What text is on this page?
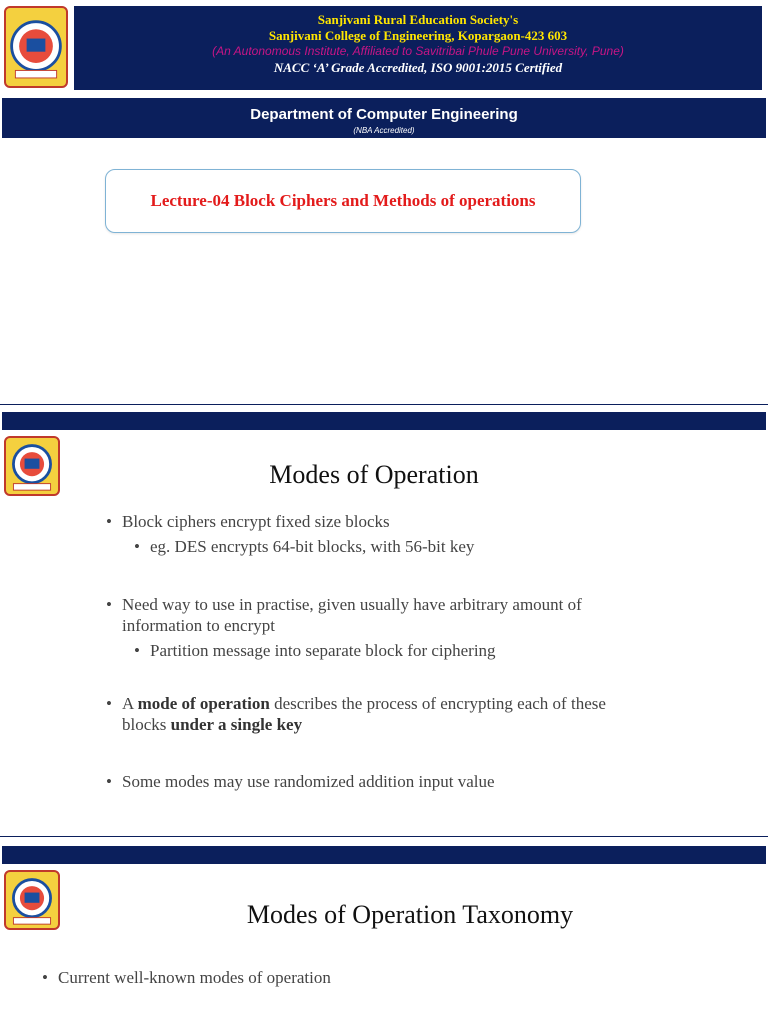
Sanjivani Rural Education Society's
Sanjivani College of Engineering, Kopargaon-423 603
(An Autonomous Institute, Affiliated to Savitribai Phule Pune University, Pune)
NACC ‘A’ Grade Accredited, ISO 9001:2015 Certified
Department of Computer Engineering
(NBA Accredited)
Lecture-04 Block Ciphers and Methods of operations
Modes of Operation
• Block ciphers encrypt fixed size blocks
• eg. DES encrypts 64-bit blocks, with 56-bit key
• Need way to use in practise, given usually have arbitrary amount of
information to encrypt
• Partition message into separate block for ciphering
• A mode of operation describes the process of encrypting each of these
blocks under a single key
• Some modes may use randomized addition input value
Modes of Operation Taxonomy
• Current well-known modes of operation
